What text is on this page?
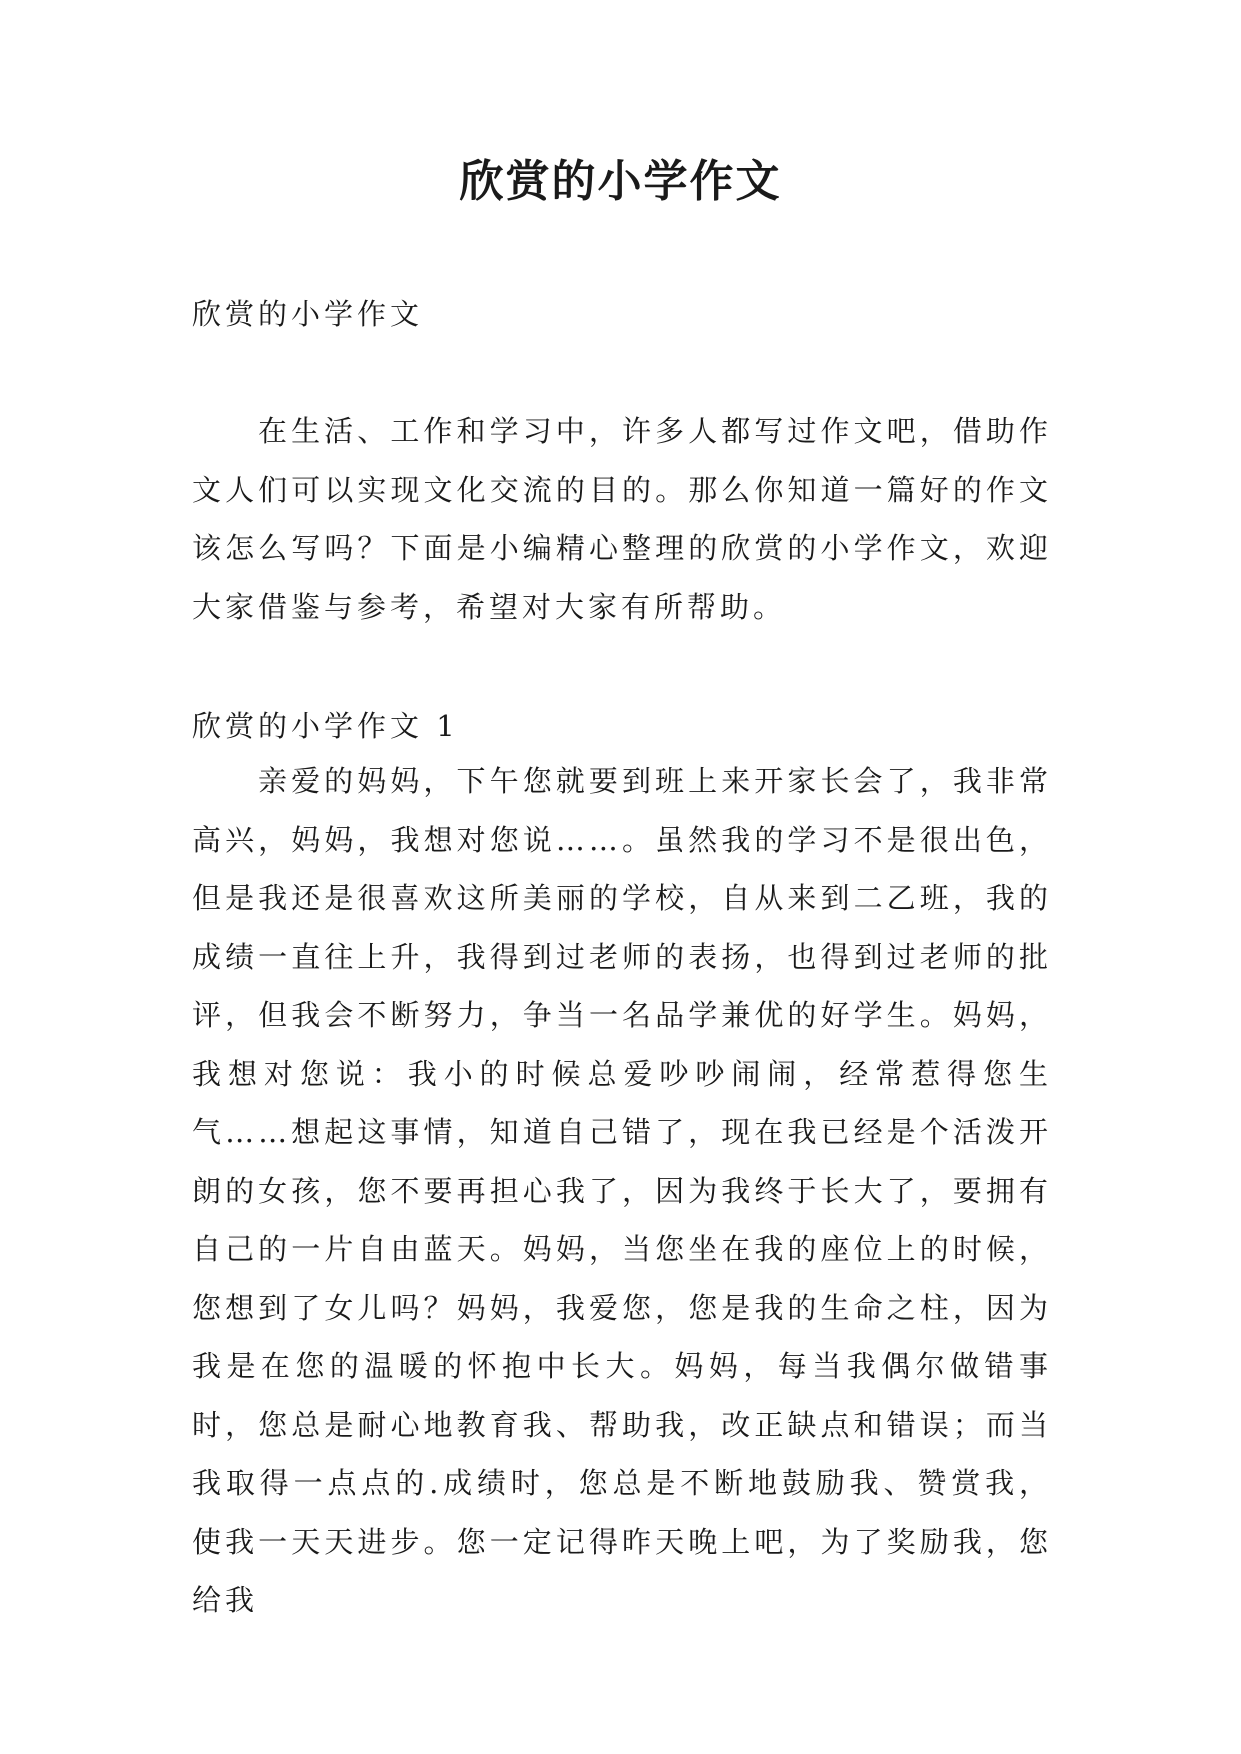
欣赏的小学作文

欣赏的小学作文

在生活、工作和学习中，许多人都写过作文吧，借助作文人们可以实现文化交流的目的。那么你知道一篇好的作文该怎么写吗？下面是小编精心整理的欣赏的小学作文，欢迎大家借鉴与参考，希望对大家有所帮助。

欣赏的小学作文 1

亲爱的妈妈，下午您就要到班上来开家长会了，我非常高兴，妈妈，我想对您说……。虽然我的学习不是很出色，但是我还是很喜欢这所美丽的学校，自从来到二乙班，我的成绩一直往上升，我得到过老师的表扬，也得到过老师的批评，但我会不断努力，争当一名品学兼优的好学生。妈妈，我想对您说：我小的时候总爱吵吵闹闹，经常惹得您生气……想起这事情，知道自己错了，现在我已经是个活泼开朗的女孩，您不要再担心我了，因为我终于长大了，要拥有自己的一片自由蓝天。妈妈，当您坐在我的座位上的时候，您想到了女儿吗？妈妈，我爱您，您是我的生命之柱，因为我是在您的温暖的怀抱中长大。妈妈，每当我偶尔做错事时，您总是耐心地教育我、帮助我，改正缺点和错误；而当我取得一点点的.成绩时，您总是不断地鼓励我、赞赏我，使我一天天进步。您一定记得昨天晚上吧，为了奖励我，您给我
